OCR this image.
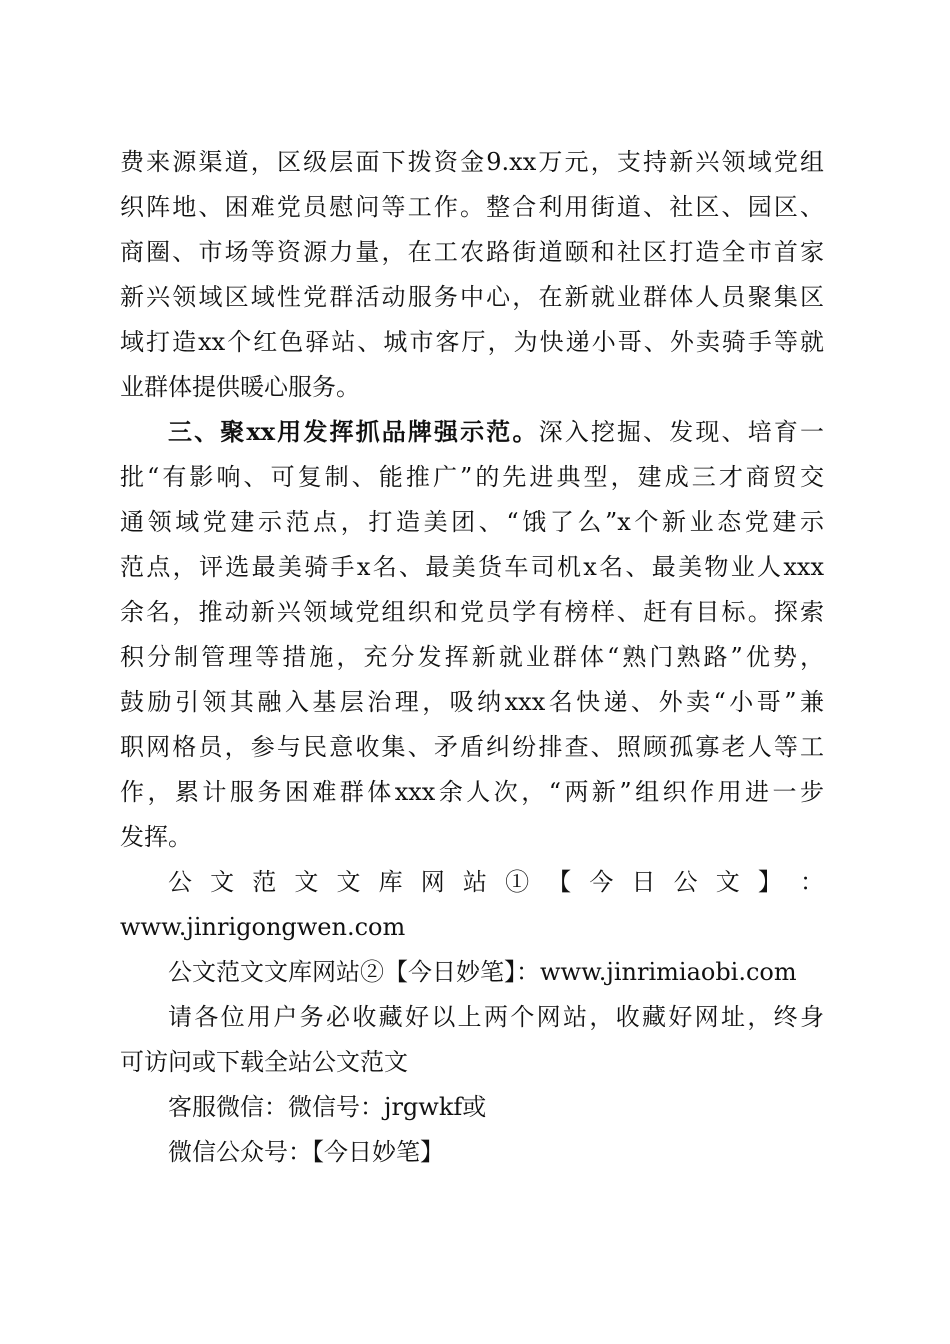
费来源渠道，区级层面下拨资金9.xx万元，支持新兴领域党组
织阵地、困难党员慰问等工作。整合利用街道、社区、园区、
商圈、市场等资源力量，在工农路街道颐和社区打造全市首家
新兴领域区域性党群活动服务中心，在新就业群体人员聚集区
域打造xx个红色驿站、城市客厅，为快递小哥、外卖骑手等就
业群体提供暖心服务。
三、聚xx用发挥抓品牌强示范。深入挖掘、发现、培育一
批“有影响、可复制、能推广”的先进典型，建成三才商贸交
通领域党建示范点，打造美团、“饿了么”x个新业态党建示
范点，评选最美骑手x名、最美货车司机x名、最美物业人xxx
余名，推动新兴领域党组织和党员学有榜样、赶有目标。探索
积分制管理等措施，充分发挥新就业群体“熟门熟路”优势，
鼓励引领其融入基层治理，吸纳xxx名快递、外卖“小哥”兼
职网格员，参与民意收集、矛盾纠纷排查、照顾孤寡老人等工
作，累计服务困难群体xxx余人次，“两新”组织作用进一步
发挥。
公 文 范 文 文 库 网 站 ① 【 今 日 公 文 】 ：
www.jinrigongwen.com
公文范文文库网站②【今日妙笔】：www.jinrimiaobi.com
请各位用户务必收藏好以上两个网站，收藏好网址，终身
可访问或下载全站公文范文
客服微信：微信号：jrgwkf或
微信公众号：【今日妙笔】
